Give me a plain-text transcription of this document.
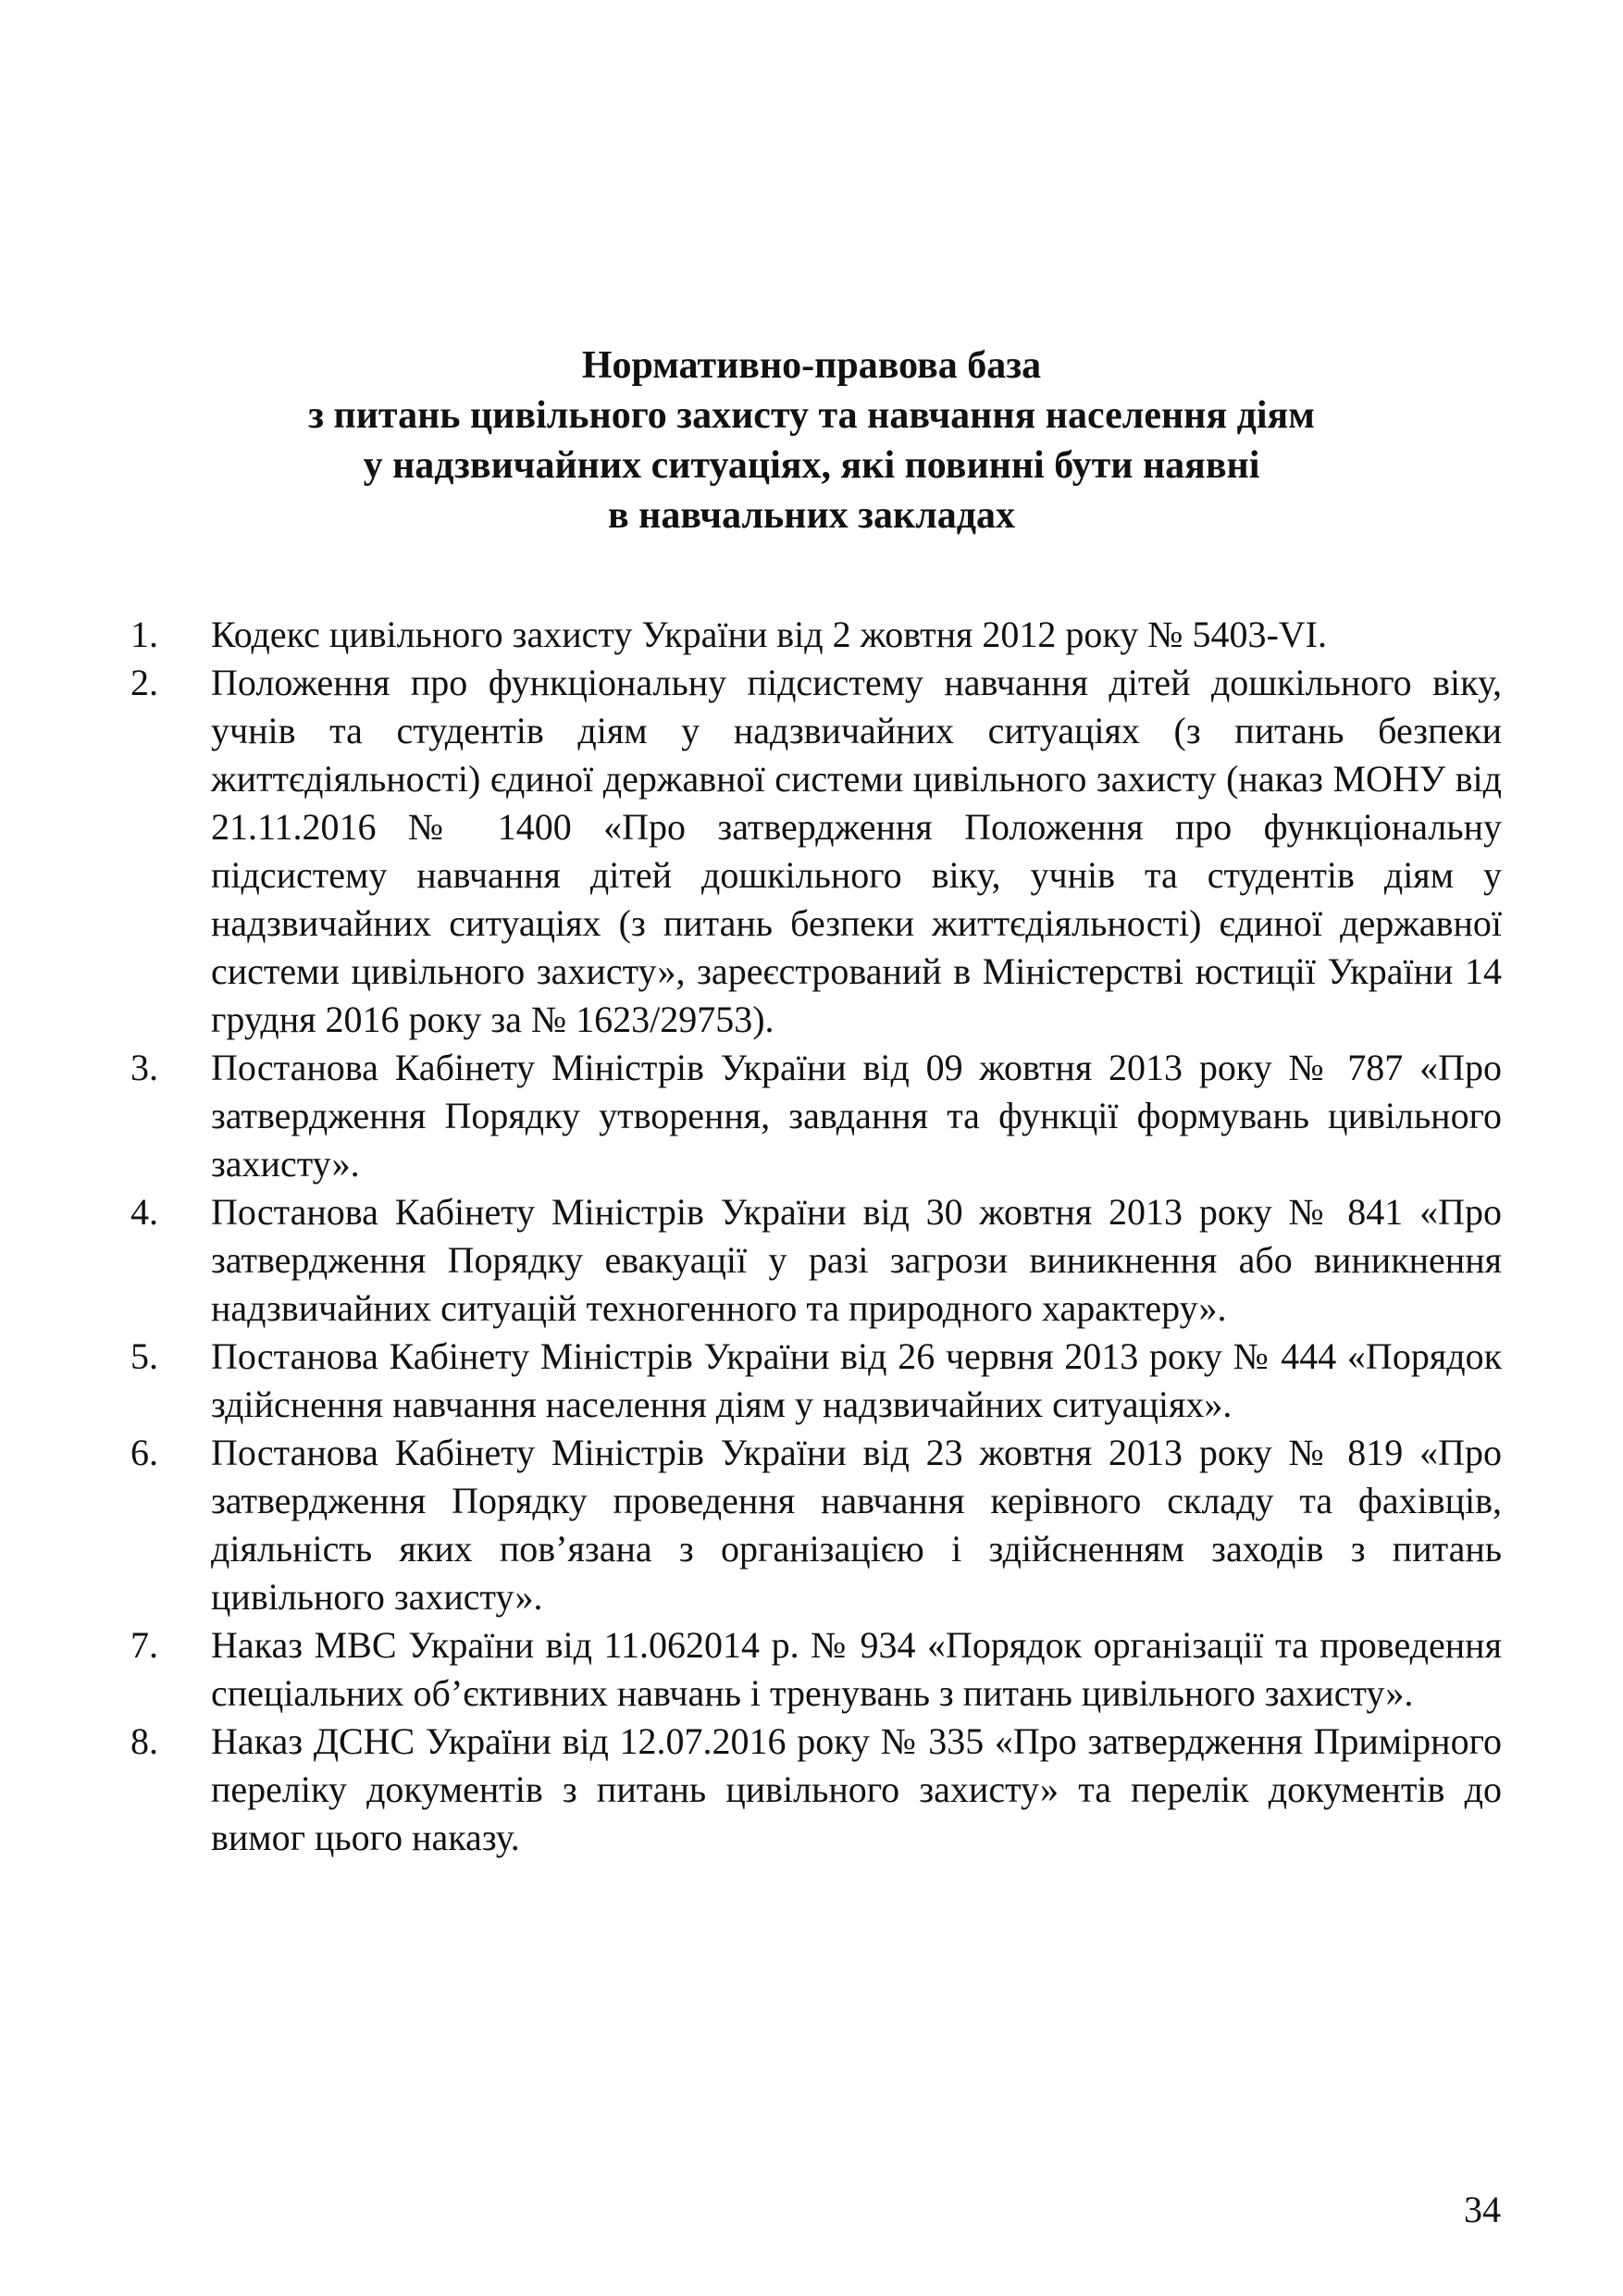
Нормативно-правова база
з питань цивільного захисту та навчання населення діям
у надзвичайних ситуаціях, які повинні бути наявні
в навчальних закладах
1. Кодекс цивільного захисту України від 2 жовтня 2012 року № 5403-VI.
2. Положення про функціональну підсистему навчання дітей дошкільного віку, учнів та студентів діям у надзвичайних ситуаціях (з питань безпеки життєдіяльності) єдиної державної системи цивільного захисту (наказ МОНУ від 21.11.2016 № 1400 «Про затвердження Положення про функціональну підсистему навчання дітей дошкільного віку, учнів та студентів діям у надзвичайних ситуаціях (з питань безпеки життєдіяльності) єдиної державної системи цивільного захисту», зареєстрований в Міністерстві юстиції України 14 грудня 2016 року за № 1623/29753).
3. Постанова Кабінету Міністрів України від 09 жовтня 2013 року № 787 «Про затвердження Порядку утворення, завдання та функції формувань цивільного захисту».
4. Постанова Кабінету Міністрів України від 30 жовтня 2013 року № 841 «Про затвердження Порядку евакуації у разі загрози виникнення або виникнення надзвичайних ситуацій техногенного та природного характеру».
5. Постанова Кабінету Міністрів України від 26 червня 2013 року № 444 «Порядок здійснення навчання населення діям у надзвичайних ситуаціях».
6. Постанова Кабінету Міністрів України від 23 жовтня 2013 року № 819 «Про затвердження Порядку проведення навчання керівного складу та фахівців, діяльність яких пов’язана з організацією і здійсненням заходів з питань цивільного захисту».
7. Наказ МВС України від 11.062014 р. № 934 «Порядок організації та проведення спеціальних об’єктивних навчань і тренувань з питань цивільного захисту».
8. Наказ ДСНС України від 12.07.2016 року № 335 «Про затвердження Примірного переліку документів з питань цивільного захисту» та перелік документів до вимог цього наказу.
34
